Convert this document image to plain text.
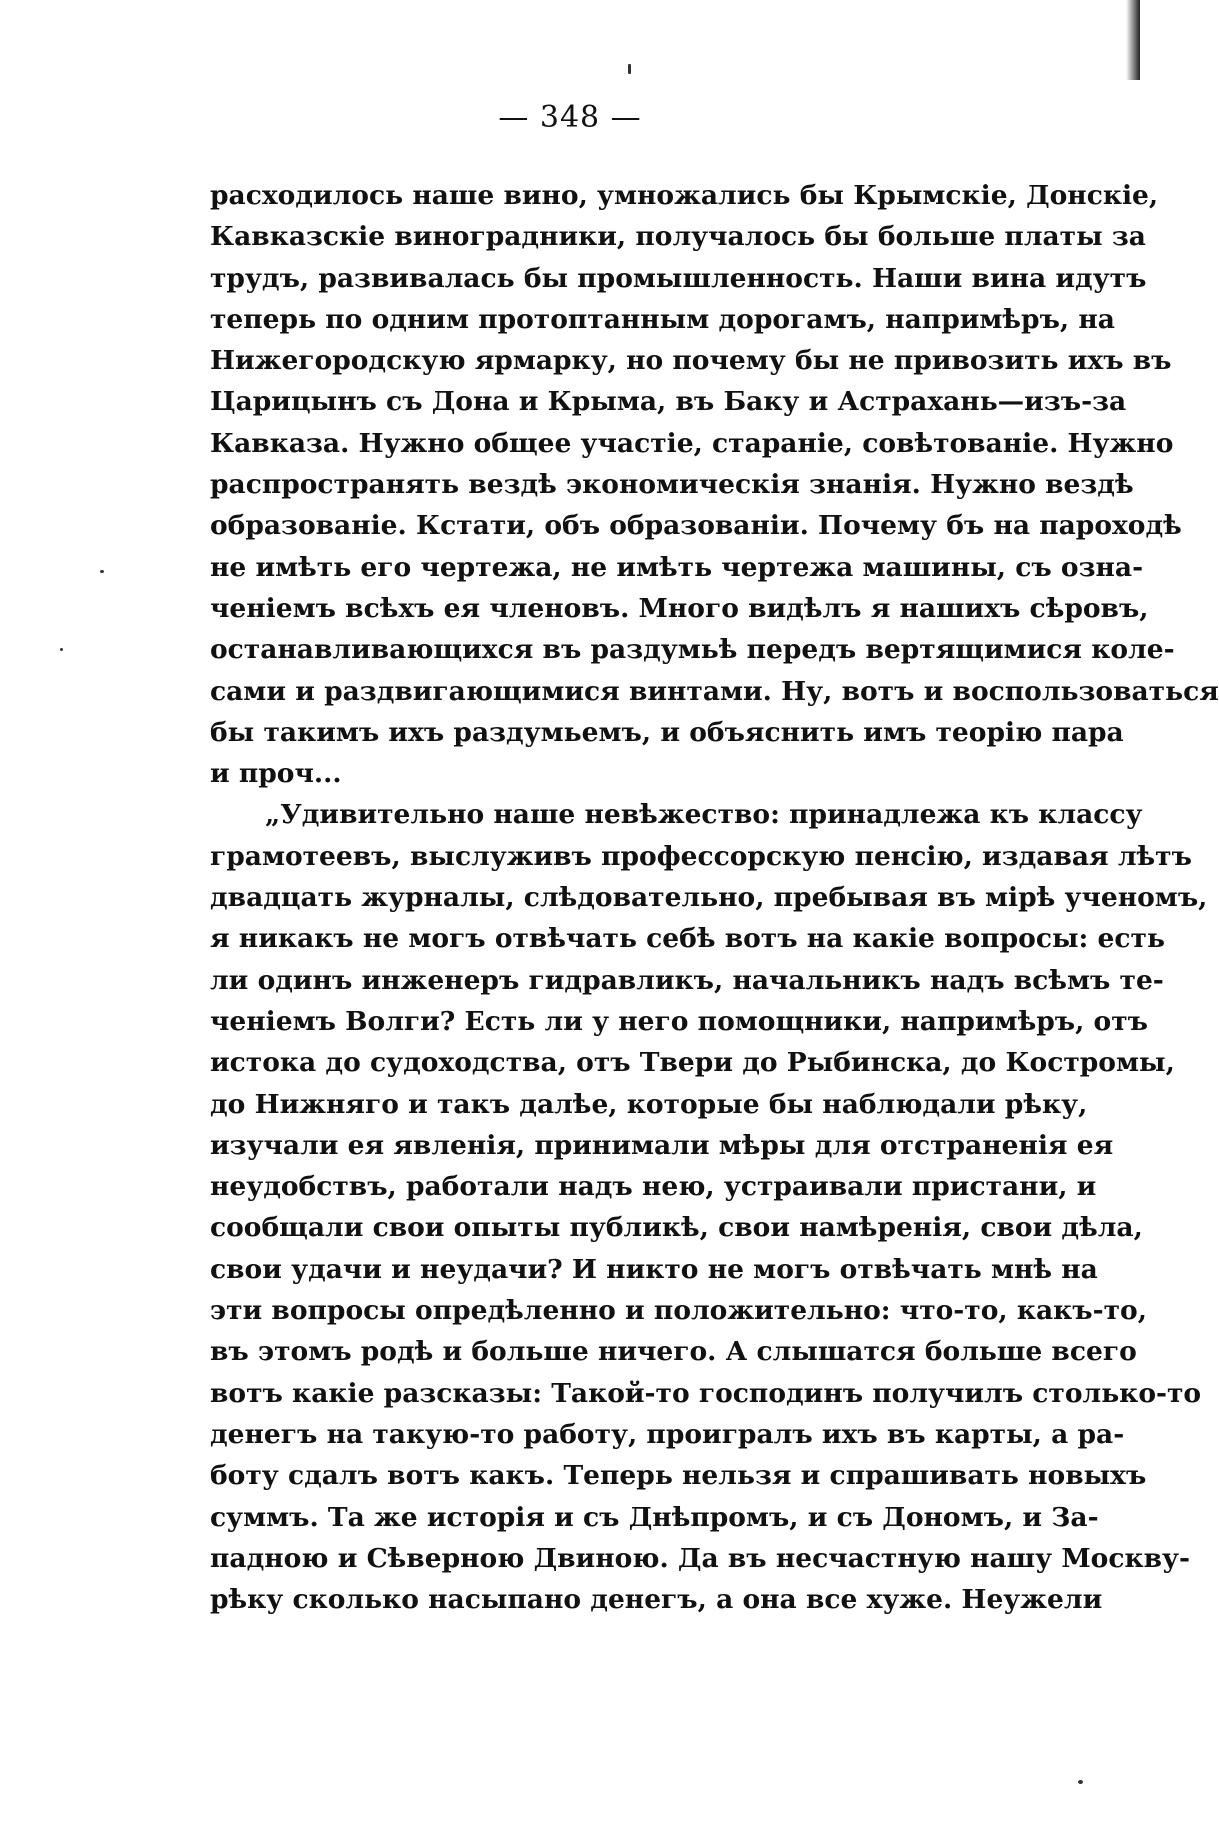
— 348 —
расходилось наше вино, умножались бы Крымскіе, Донскіе,
Кавказскіе виноградники, получалось бы больше платы за
трудъ, развивалась бы промышленность. Наши вина идутъ
теперь по одним протоптанным дорогамъ, напримѣръ, на
Нижегородскую ярмарку, но почему бы не привозить ихъ въ
Царицынъ съ Дона и Крыма, въ Баку и Астрахань—изъ-за
Кавказа. Нужно общее участіе, стараніе, совѣтованіе. Нужно
распространять вездѣ экономическія знанія. Нужно вездѣ
образованіе. Кстати, объ образованіи. Почему бъ на пароходѣ
не имѣть его чертежа, не имѣть чертежа машины, съ озна-
ченіемъ всѣхъ ея членовъ. Много видѣлъ я нашихъ сѣровъ,
останавливающихся въ раздумьѣ передъ вертящимися коле-
сами и раздвигающимися винтами. Ну, вотъ и воспользоваться
бы такимъ ихъ раздумьемъ, и объяснить имъ теорію пара
и проч...
„Удивительно наше невѣжество: принадлежа къ классу
грамотеевъ, выслуживъ профессорскую пенсію, издавая лѣтъ
двадцать журналы, слѣдовательно, пребывая въ мірѣ ученомъ,
я никакъ не могъ отвѣчать себѣ вотъ на какіе вопросы: есть
ли одинъ инженеръ гидравликъ, начальникъ надъ всѣмъ те-
ченіемъ Волги? Есть ли у него помощники, напримѣръ, отъ
истока до судоходства, отъ Твери до Рыбинска, до Костромы,
до Нижняго и такъ далѣе, которые бы наблюдали рѣку,
изучали ея явленія, принимали мѣры для отстраненія ея
неудобствъ, работали надъ нею, устраивали пристани, и
сообщали свои опыты публикѣ, свои намѣренія, свои дѣла,
свои удачи и неудачи? И никто не могъ отвѣчать мнѣ на
эти вопросы опредѣленно и положительно: что-то, какъ-то,
въ этомъ родѣ и больше ничего. А слышатся больше всего
вотъ какіе разсказы: Такой-то господинъ получилъ столько-то
денегъ на такую-то работу, проигралъ ихъ въ карты, а ра-
боту сдалъ вотъ какъ. Теперь нельзя и спрашивать новыхъ
суммъ. Та же исторія и съ Днѣпромъ, и съ Дономъ, и За-
падною и Сѣверною Двиною. Да въ несчастную нашу Москву-
рѣку сколько насыпано денегъ, а она все хуже. Неужели
